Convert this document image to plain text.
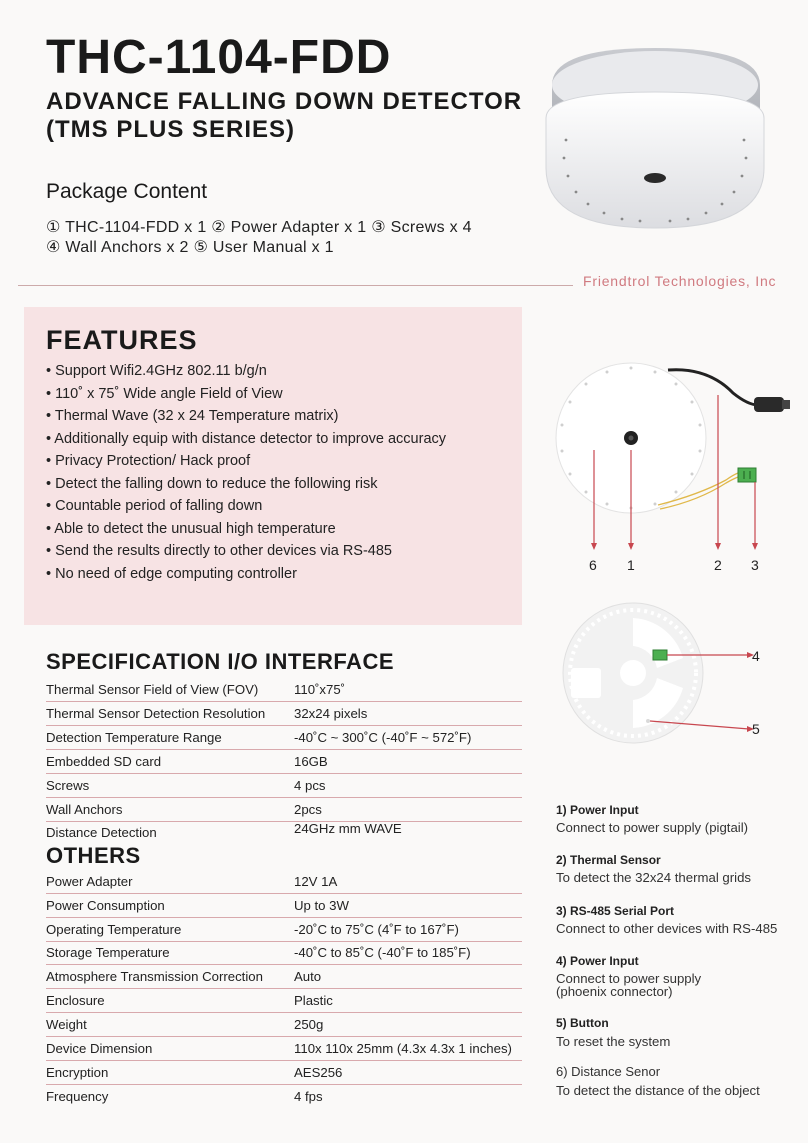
THC-1104-FDD
ADVANCE FALLING DOWN DETECTOR
(TMS PLUS SERIES)
Package Content
① THC-1104-FDD x 1 ② Power Adapter x 1 ③ Screws x 4
④ Wall Anchors x 2 ⑤ User Manual x 1
Friendtrol Technologies, Inc
FEATURES
• Support Wifi2.4GHz 802.11 b/g/n
• 110˚ x 75˚ Wide angle Field of View
• Thermal Wave (32 x 24 Temperature matrix)
• Additionally equip with distance detector to improve accuracy
• Privacy Protection/ Hack proof
• Detect the falling down to reduce the following risk
• Countable period of falling down
• Able to detect the unusual high temperature
• Send the results directly to other devices via RS-485
• No need of edge computing controller
SPECIFICATION I/O INTERFACE
Thermal Sensor Field of View (FOV)	110˚x75˚
Thermal Sensor Detection Resolution 32x24 pixels
Detection Temperature Range	-40˚C ~ 300˚C (-40˚F ~ 572˚F)
Embedded SD card	16GB
Screws	4 pcs
Wall Anchors	2pcs
Distance Detection	24GHz mm WAVE
OTHERS
Power Adapter	12V 1A
Power Consumption	Up to 3W
Operating Temperature	-20˚C to 75˚C (4˚F to 167˚F)
Storage Temperature	-40˚C to 85˚C (-40˚F to 185˚F)
Atmosphere Transmission Correction Auto
Enclosure	Plastic
Weight	250g
Device Dimension	110x 110x 25mm (4.3x 4.3x 1 inches)
Encryption	AES256
Frequency	4 fps
6 1	2 3
4
5
1) Power Input
Connect to power supply (pigtail)
2) Thermal Sensor
To detect the 32x24 thermal grids
3) RS-485 Serial Port
Connect to other devices with RS-485
4) Power Input
Connect to power supply
(phoenix connector)
5) Button
To reset the system
6) Distance Senor
To detect the distance of the object
